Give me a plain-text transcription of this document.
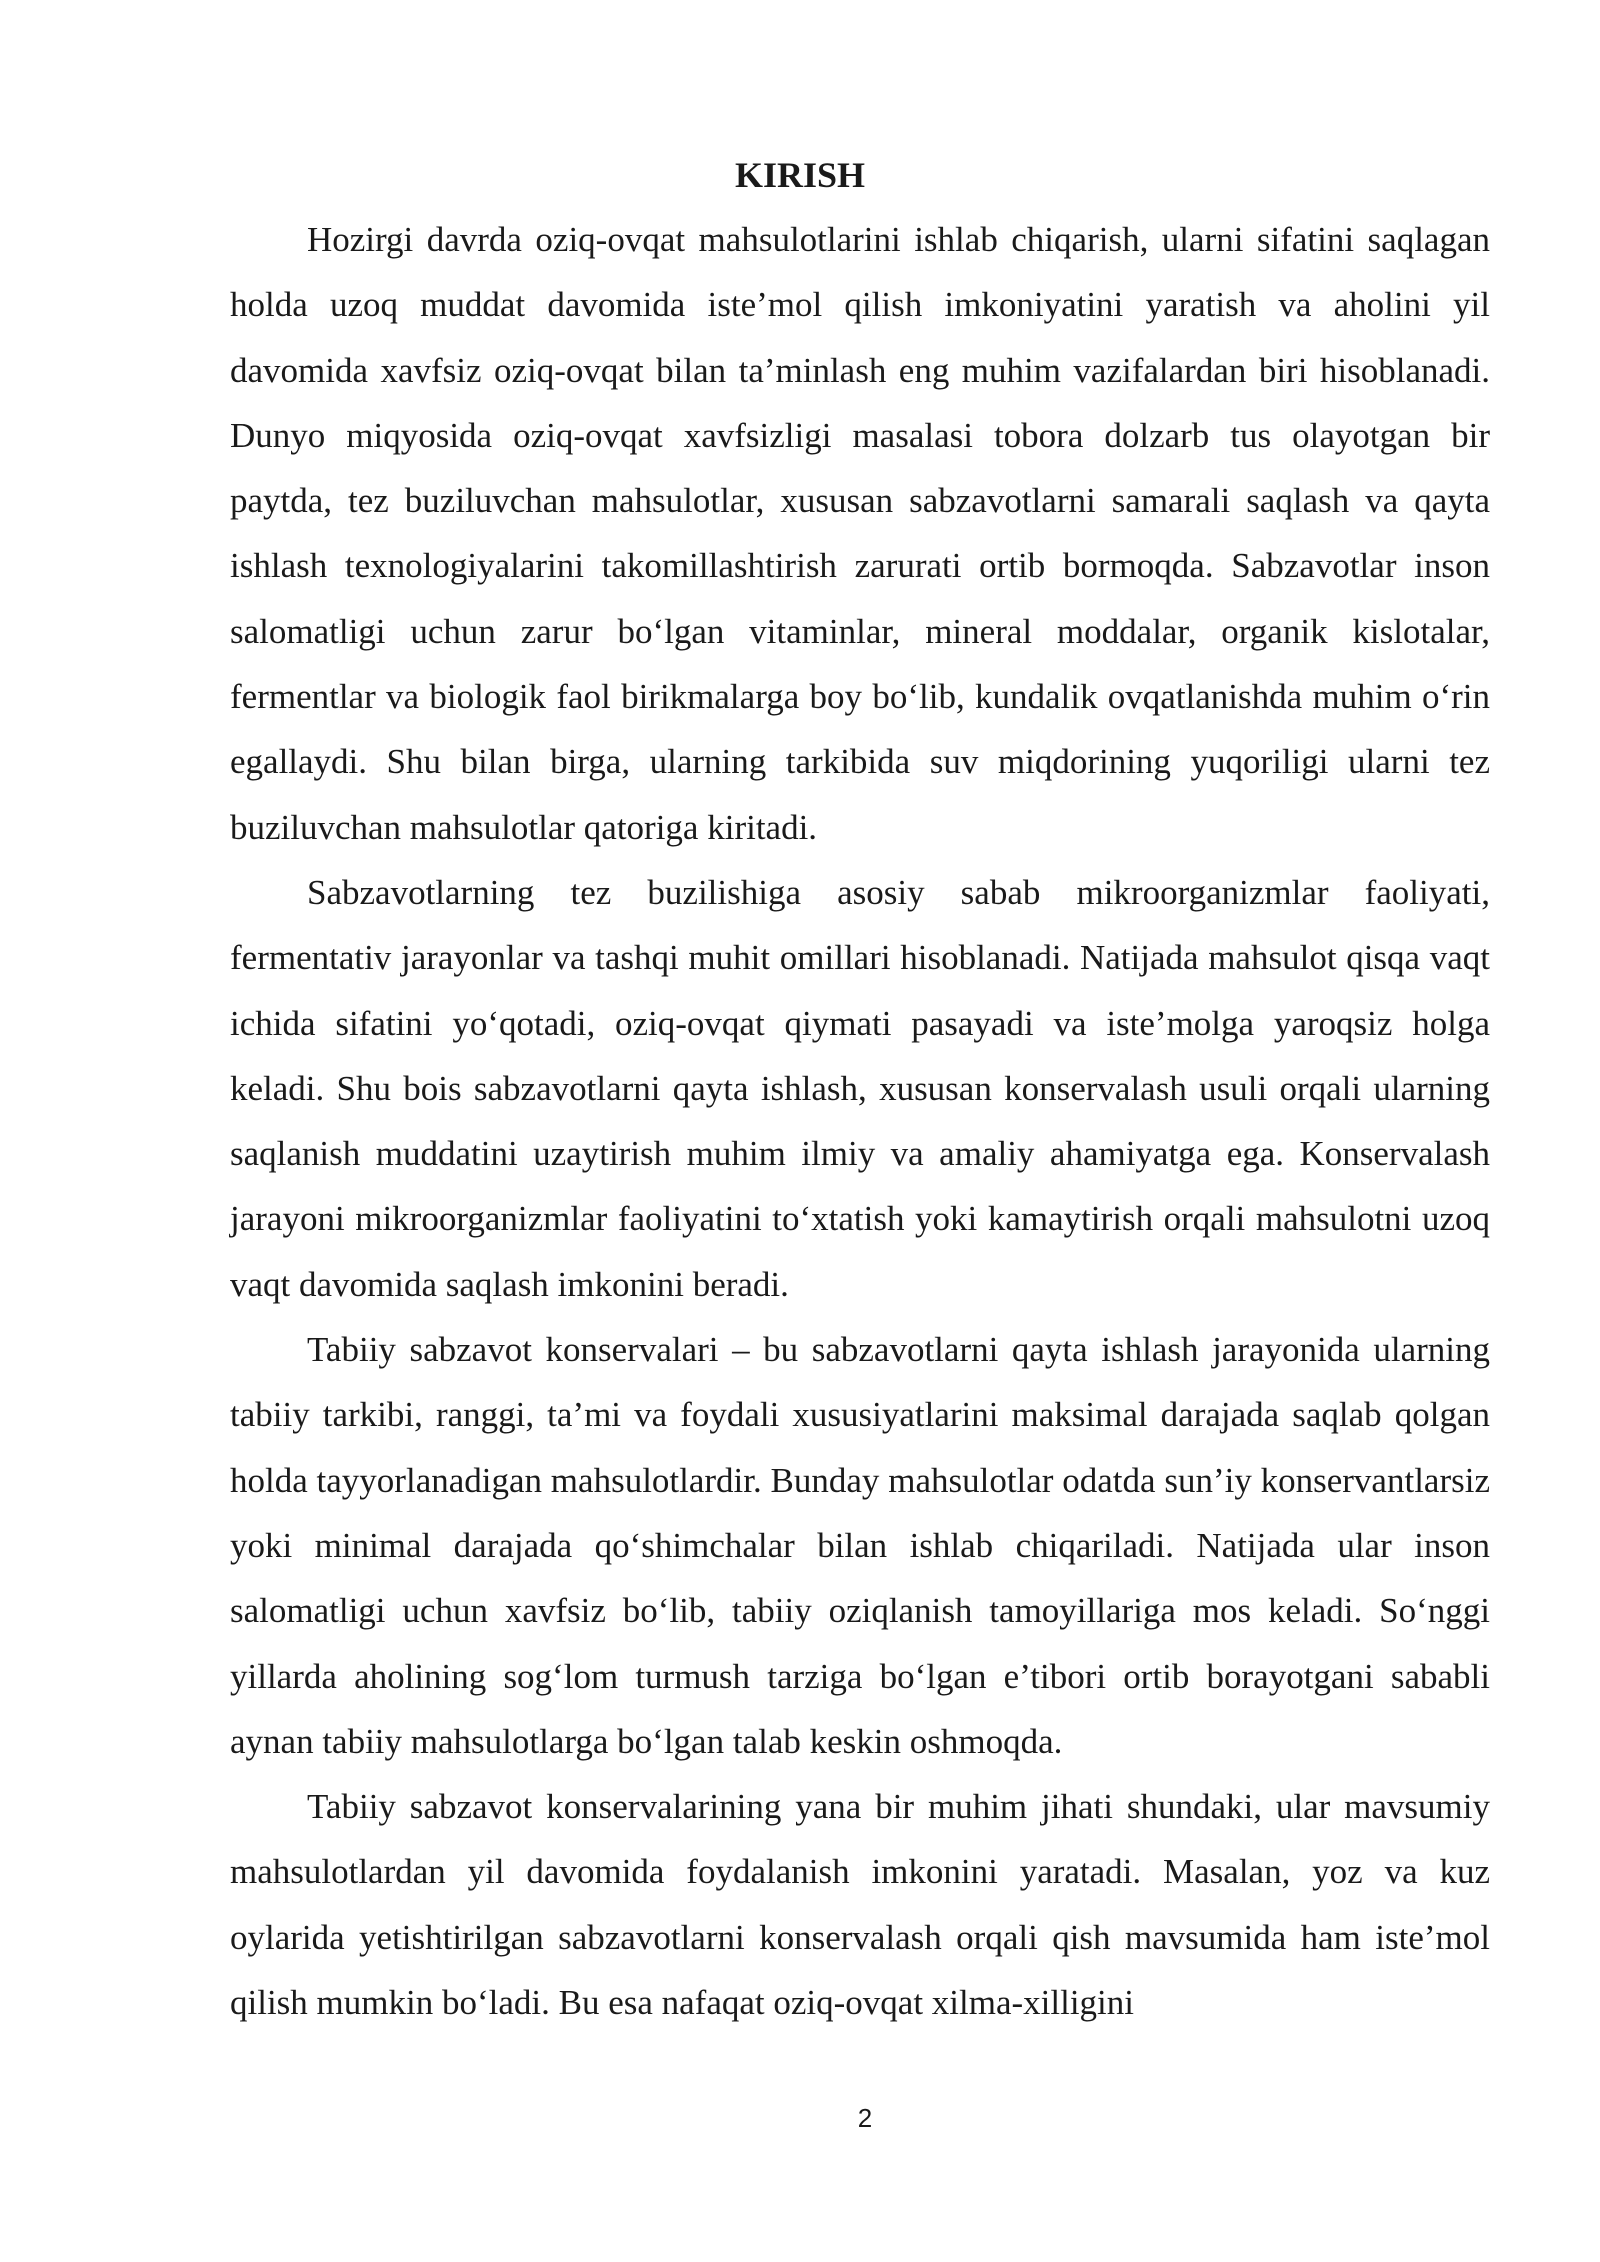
KIRISH

Hozirgi davrda oziq-ovqat mahsulotlarini ishlab chiqarish, ularni sifatini saqlagan holda uzoq muddat davomida iste’mol qilish imkoniyatini yaratish va aholini yil davomida xavfsiz oziq-ovqat bilan ta’minlash eng muhim vazifalardan biri hisoblanadi. Dunyo miqyosida oziq-ovqat xavfsizligi masalasi tobora dolzarb tus olayotgan bir paytda, tez buziluvchan mahsulotlar, xususan sabzavotlarni samarali saqlash va qayta ishlash texnologiyalarini takomillashtirish zarurati ortib bormoqda. Sabzavotlar inson salomatligi uchun zarur bo‘lgan vitaminlar, mineral moddalar, organik kislotalar, fermentlar va biologik faol birikmalarga boy bo‘lib, kundalik ovqatlanishda muhim o‘rin egallaydi. Shu bilan birga, ularning tarkibida suv miqdorining yuqoriligi ularni tez buziluvchan mahsulotlar qatoriga kiritadi.

Sabzavotlarning tez buzilishiga asosiy sabab mikroorganizmlar faoliyati, fermentativ jarayonlar va tashqi muhit omillari hisoblanadi. Natijada mahsulot qisqa vaqt ichida sifatini yo‘qotadi, oziq-ovqat qiymati pasayadi va iste’molga yaroqsiz holga keladi. Shu bois sabzavotlarni qayta ishlash, xususan konservalash usuli orqali ularning saqlanish muddatini uzaytirish muhim ilmiy va amaliy ahamiyatga ega. Konservalash jarayoni mikroorganizmlar faoliyatini to‘xtatish yoki kamaytirish orqali mahsulotni uzoq vaqt davomida saqlash imkonini beradi.

Tabiiy sabzavot konservalari – bu sabzavotlarni qayta ishlash jarayonida ularning tabiiy tarkibi, ranggi, ta’mi va foydali xususiyatlarini maksimal darajada saqlab qolgan holda tayyorlanadigan mahsulotlardir. Bunday mahsulotlar odatda sun’iy konservantlarsiz yoki minimal darajada qo‘shimchalar bilan ishlab chiqariladi. Natijada ular inson salomatligi uchun xavfsiz bo‘lib, tabiiy oziqlanish tamoyillariga mos keladi. So‘nggi yillarda aholining sog‘lom turmush tarziga bo‘lgan e’tibori ortib borayotgani sababli aynan tabiiy mahsulotlarga bo‘lgan talab keskin oshmoqda.

Tabiiy sabzavot konservalarining yana bir muhim jihati shundaki, ular mavsumiy mahsulotlardan yil davomida foydalanish imkonini yaratadi. Masalan, yoz va kuz oylarida yetishtirilgan sabzavotlarni konservalash orqali qish mavsumida ham iste’mol qilish mumkin bo‘ladi. Bu esa nafaqat oziq-ovqat xilma-xilligini

2
